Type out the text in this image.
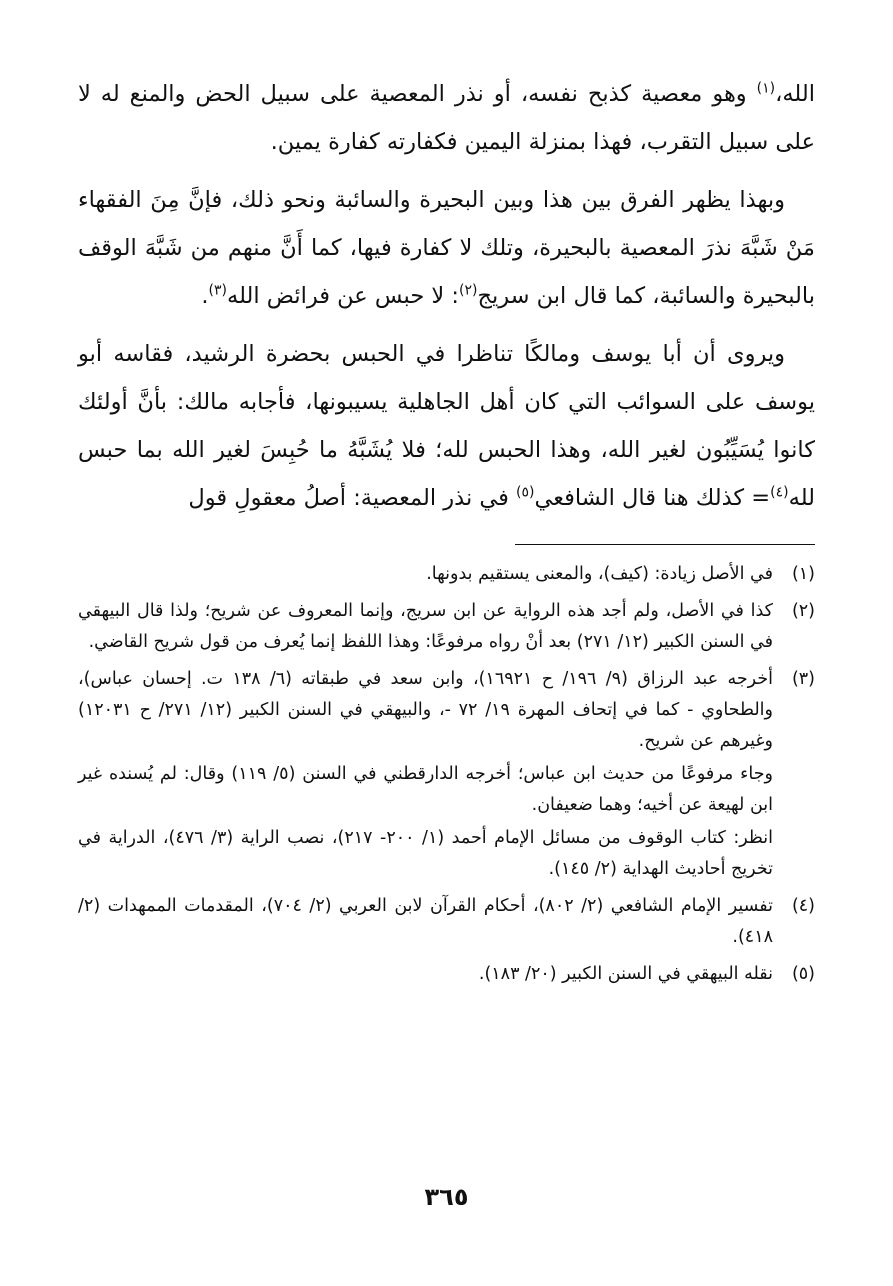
الله،$^{(١)}$ وهو معصية كذبح نفسه، أو نذر المعصية على سبيل الحض والمنع له لا على سبيل التقرب، فهذا بمنزلة اليمين فكفارته كفارة يمين.

وبهذا يظهر الفرق بين هذا وبين البحيرة والسائبة ونحو ذلك، فإنَّ مِنَ الفقهاء مَنْ شَبَّهَ نذرَ المعصية بالبحيرة، وتلك لا كفارة فيها، كما أَنَّ منهم من شَبَّهَ الوقف بالبحيرة والسائبة، كما قال ابن سريج$^{(٢)}$: لا حبس عن فرائض الله$^{(٣)}$.

ويروى أن أبا يوسف ومالكًا تناظرا في الحبس بحضرة الرشيد، فقاسه أبو يوسف على السوائب التي كان أهل الجاهلية يسيبونها، فأجابه مالك: بأنَّ أولئك كانوا يُسَيِّبُون لغير الله، وهذا الحبس لله؛ فلا يُشَبَّهُ ما حُبِسَ لغير الله بما حبس لله$^{(٤)}$= كذلك هنا قال الشافعي$^{(٥)}$ في نذر المعصية: أصلُ معقولِ قول

(١)

في الأصل زيادة: (كيف)، والمعنى يستقيم بدونها.

(٢)

كذا في الأصل، ولم أجد هذه الرواية عن ابن سريج، وإنما المعروف عن شريح؛ ولذا قال البيهقي في السنن الكبير (١٢/ ٢٧١) بعد أنْ رواه مرفوعًا: وهذا اللفظ إنما يُعرف من قول شريح القاضي.

(٣)

أخرجه عبد الرزاق (٩/ ١٩٦/ ح ١٦٩٢١)، وابن سعد في طبقاته (٦/ ١٣٨ ت. إحسان عباس)، والطحاوي - كما في إتحاف المهرة ١٩/ ٧٢ -، والبيهقي في السنن الكبير (١٢/ ٢٧١/ ح ١٢٠٣١) وغيرهم عن شريح.

وجاء مرفوعًا من حديث ابن عباس؛ أخرجه الدارقطني في السنن (٥/ ١١٩) وقال: لم يُسنده غير ابن لهيعة عن أخيه؛ وهما ضعيفان.

انظر: كتاب الوقوف من مسائل الإمام أحمد (١/ ٢٠٠- ٢١٧)، نصب الراية (٣/ ٤٧٦)، الدراية في تخريج أحاديث الهداية (٢/ ١٤٥).

(٤)

تفسير الإمام الشافعي (٢/ ٨٠٢)، أحكام القرآن لابن العربي (٢/ ٧٠٤)، المقدمات الممهدات (٢/ ٤١٨).

(٥)

نقله البيهقي في السنن الكبير (٢٠/ ١٨٣).

٣٦٥
